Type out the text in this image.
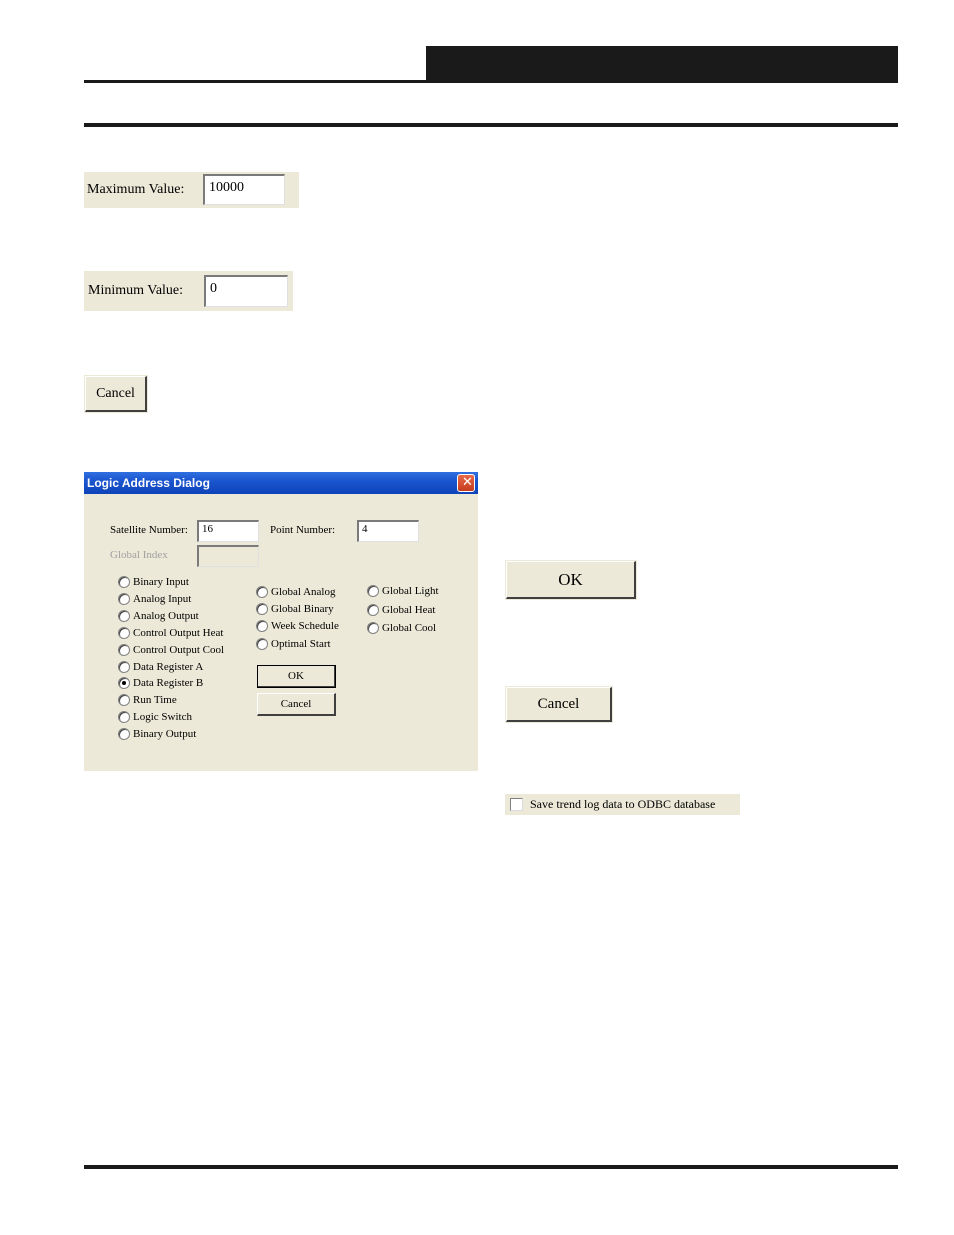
Maximum Value:	10000
Minimum Value:	0
Cancel
Logic Address Dialog	✕
Satellite Number:	16	Point Number:	4
Global Index
Binary Input
Analog Input
Analog Output
Control Output Heat
Control Output Cool
Data Register A
Data Register B
Run Time
Logic Switch
Binary Output
Global Analog
Global Binary
Week Schedule
Optimal Start
Global Light
Global Heat
Global Cool
OK
Cancel
OK
Cancel
Save trend log data to ODBC database
